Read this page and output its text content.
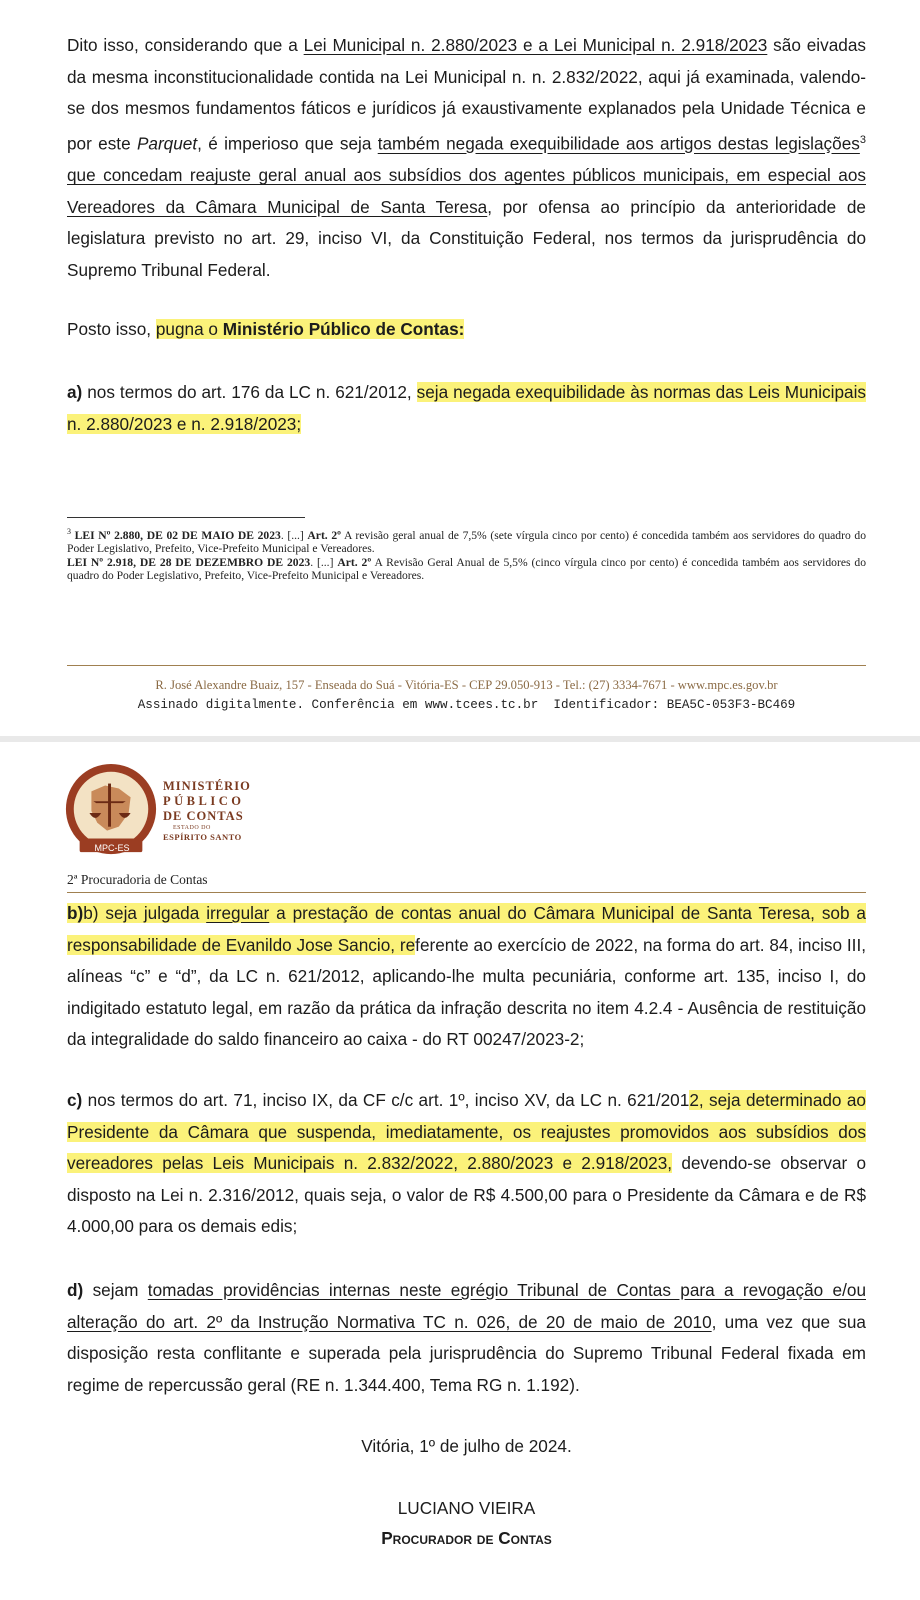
Dito isso, considerando que a Lei Municipal n. 2.880/2023 e a Lei Municipal n. 2.918/2023 são eivadas da mesma inconstitucionalidade contida na Lei Municipal n. n. 2.832/2022, aqui já examinada, valendo-se dos mesmos fundamentos fáticos e jurídicos já exaustivamente explanados pela Unidade Técnica e por este Parquet, é imperioso que seja também negada exequibilidade aos artigos destas legislações$^3$ que concedam reajuste geral anual aos subsídios dos agentes públicos municipais, em especial aos Vereadores da Câmara Municipal de Santa Teresa, por ofensa ao princípio da anterioridade de legislatura previsto no art. 29, inciso VI, da Constituição Federal, nos termos da jurisprudência do Supremo Tribunal Federal.

Posto isso, pugna o Ministério Público de Contas:

a) nos termos do art. 176 da LC n. 621/2012, seja negada exequibilidade às normas das Leis Municipais n. 2.880/2023 e n. 2.918/2023;

$^3$ LEI Nº 2.880, DE 02 DE MAIO DE 2023. [...] Art. 2º A revisão geral anual de 7,5% (sete vírgula cinco por cento) é concedida também aos servidores do quadro do Poder Legislativo, Prefeito, Vice-Prefeito Municipal e Vereadores.
LEI Nº 2.918, DE 28 DE DEZEMBRO DE 2023. [...] Art. 2º A Revisão Geral Anual de 5,5% (cinco vírgula cinco por cento) é concedida também aos servidores do quadro do Poder Legislativo, Prefeito, Vice-Prefeito Municipal e Vereadores.

R. José Alexandre Buaiz, 157 - Enseada do Suá - Vitória-ES - CEP 29.050-913 - Tel.: (27) 3334-7671 - www.mpc.es.gov.br
Assinado digitalmente. Conferência em www.tcees.tc.br  Identificador: BEA5C-053F3-BC469
MPC-ES
MINISTÉRIO
PÚBLICO
DE CONTAS
ESTADO DO
ESPÍRITO SANTO
2ª Procuradoria de Contas

b)b) seja julgada irregular a prestação de contas anual do Câmara Municipal de Santa Teresa, sob a responsabilidade de Evanildo Jose Sancio, referente ao exercício de 2022, na forma do art. 84, inciso III, alíneas “c” e “d”, da LC n. 621/2012, aplicando-lhe multa pecuniária, conforme art. 135, inciso I, do indigitado estatuto legal, em razão da prática da infração descrita no item 4.2.4 - Ausência de restituição da integralidade do saldo financeiro ao caixa - do RT 00247/2023-2;

c) nos termos do art. 71, inciso IX, da CF c/c art. 1º, inciso XV, da LC n. 621/2012, seja determinado ao Presidente da Câmara que suspenda, imediatamente, os reajustes promovidos aos subsídios dos vereadores pelas Leis Municipais n. 2.832/2022, 2.880/2023 e 2.918/2023, devendo-se observar o disposto na Lei n. 2.316/2012, quais seja, o valor de R$ 4.500,00 para o Presidente da Câmara e de R$ 4.000,00 para os demais edis;

d) sejam tomadas providências internas neste egrégio Tribunal de Contas para a revogação e/ou alteração do art. 2º da Instrução Normativa TC n. 026, de 20 de maio de 2010, uma vez que sua disposição resta conflitante e superada pela jurisprudência do Supremo Tribunal Federal fixada em regime de repercussão geral (RE n. 1.344.400, Tema RG n. 1.192).

Vitória, 1º de julho de 2024.

LUCIANO VIEIRA

Procurador de Contas
